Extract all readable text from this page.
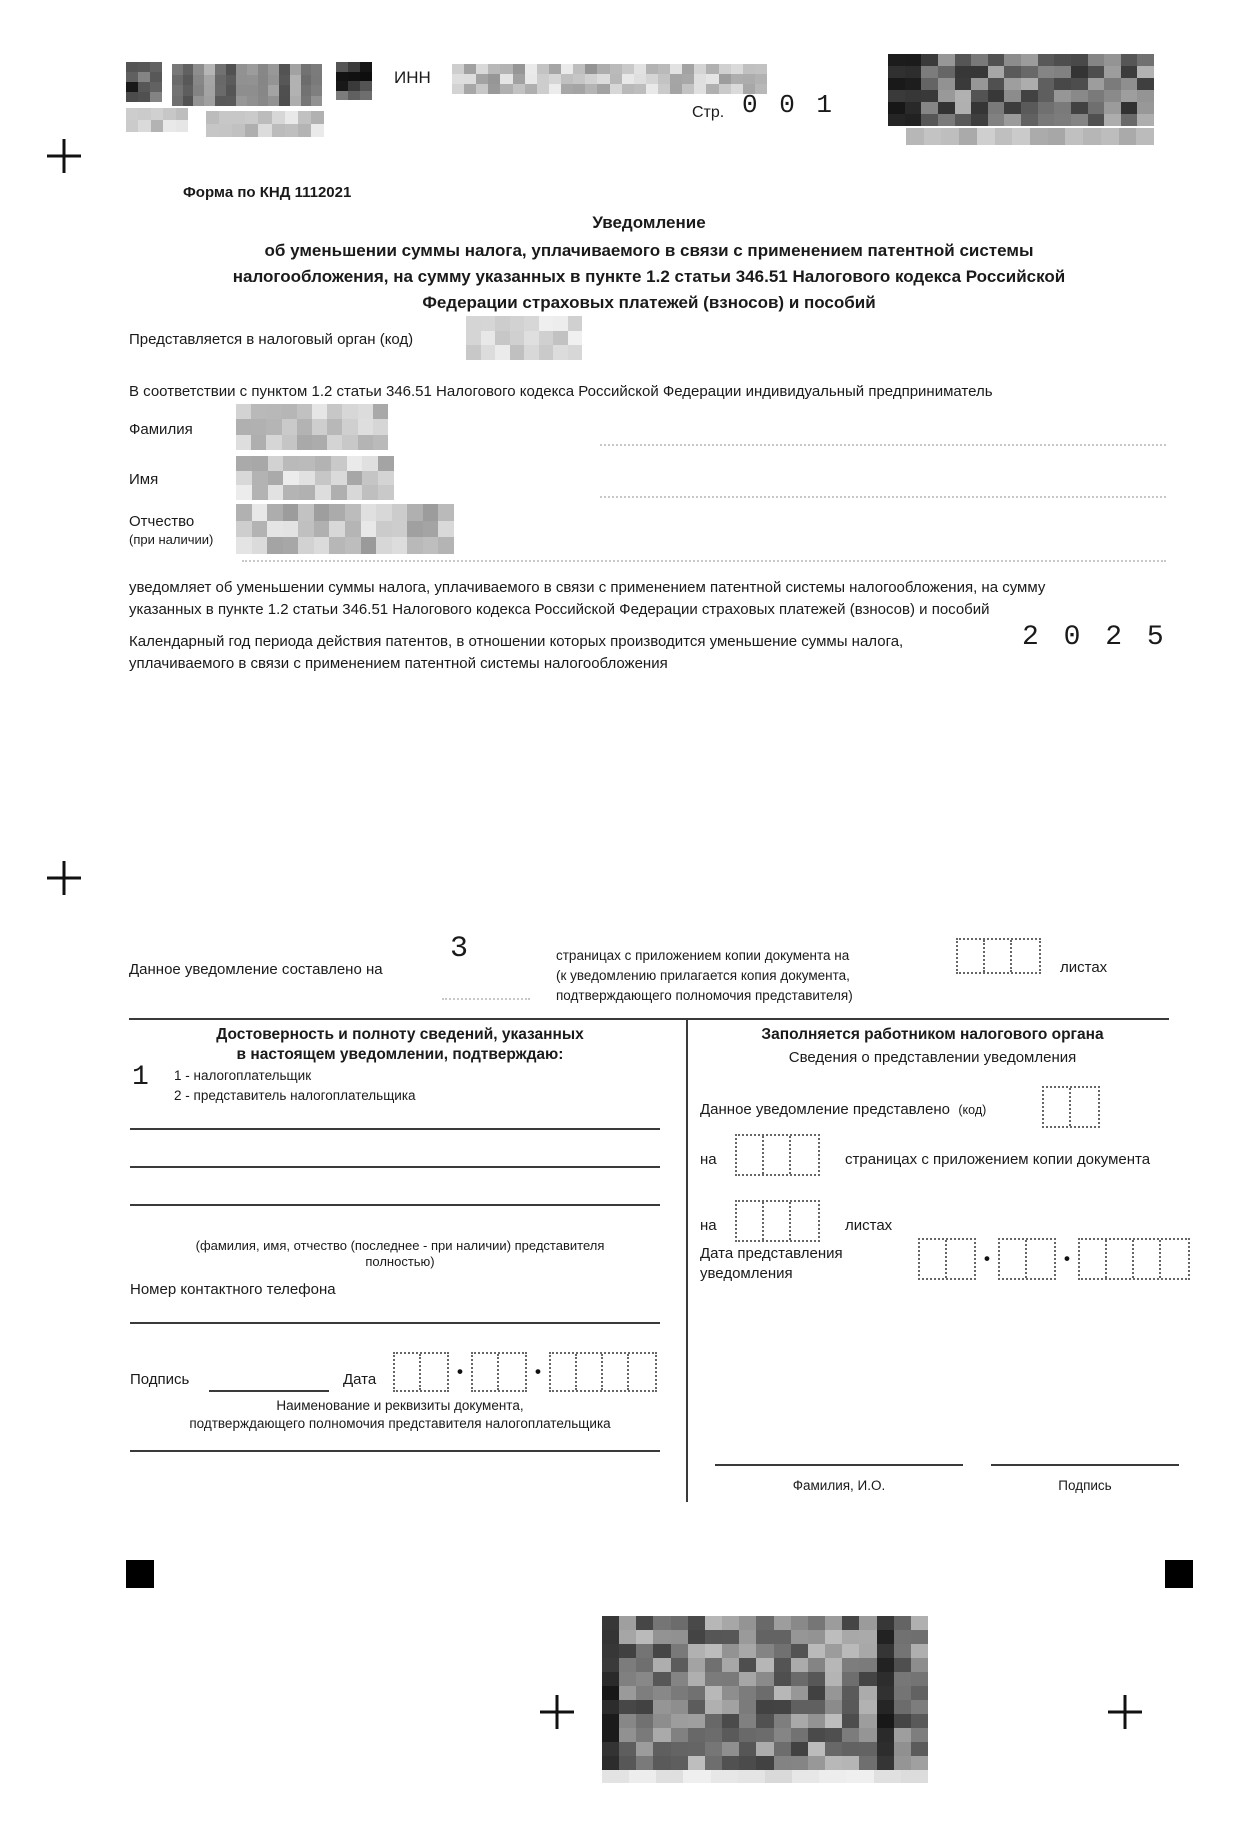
ИНН
Стр. 0 0 1
Форма по КНД 1112021
Уведомление
об уменьшении суммы налога, уплачиваемого в связи с применением патентной системы
налогообложения, на сумму указанных в пункте 1.2 статьи 346.51 Налогового кодекса Российской
Федерации страховых платежей (взносов) и пособий
Представляется в налоговый орган (код)
В соответствии с пунктом 1.2 статьи 346.51 Налогового кодекса Российской Федерации индивидуальный предприниматель
Фамилия
Имя
Отчество
(при наличии)
уведомляет об уменьшении суммы налога, уплачиваемого в связи с применением патентной системы налогообложения, на сумму
указанных в пункте 1.2 статьи 346.51 Налогового кодекса Российской Федерации страховых платежей (взносов) и пособий
Календарный год периода действия патентов, в отношении которых производится уменьшение суммы налога,
уплачиваемого в связи с применением патентной системы налогообложения
2 0 2 5
Данное уведомление составлено на
3	страницах с приложением копии документа на
(к уведомлению прилагается копия документа,
подтверждающего полномочия представителя)
листах
Достоверность и полноту сведений, указанных
в настоящем уведомлении, подтверждаю:
1 1 - налогоплательщик
2 - представитель налогоплательщика
(фамилия, имя, отчество (последнее - при наличии) представителя
полностью)
Номер контактного телефона
Подпись	Дата	•	•
Наименование и реквизиты документа,
подтверждающего полномочия представителя налогоплательщика
Заполняется работником налогового органа
Сведения о представлении уведомления
Данное уведомление представлено (код)
на	страницах с приложением копии документа
на	листах
Дата представления
уведомления
•	•
Фамилия, И.О.	Подпись
